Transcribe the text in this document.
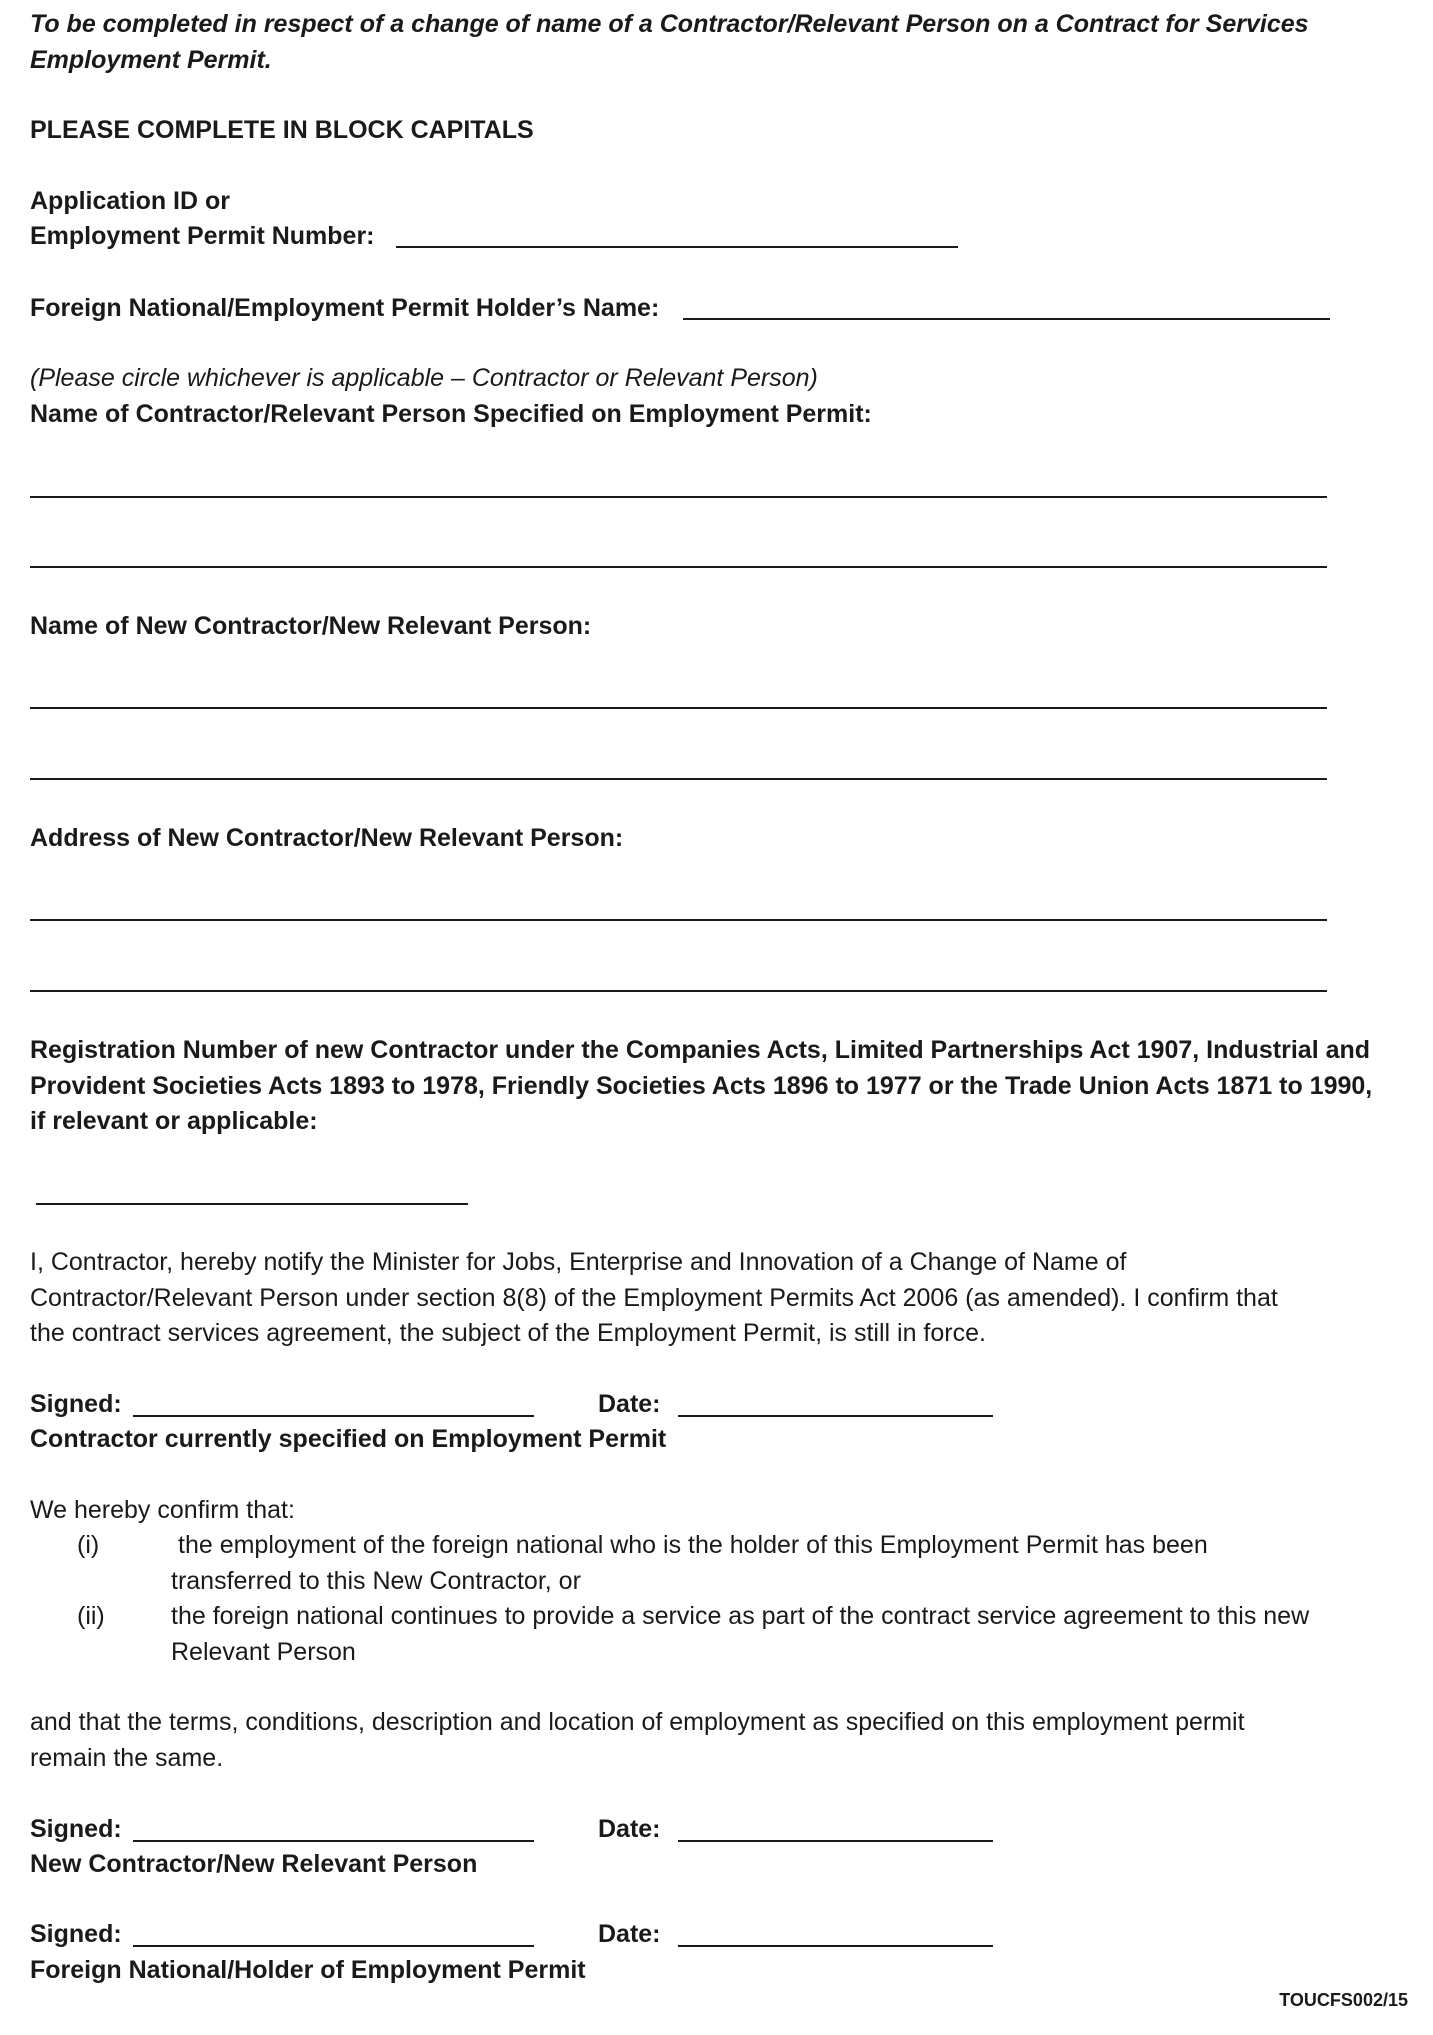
To be completed in respect of a change of name of a Contractor/Relevant Person on a Contract for Services
Employment Permit.
PLEASE COMPLETE IN BLOCK CAPITALS
Application ID or
Employment Permit Number:
Foreign National/Employment Permit Holder’s Name:
(Please circle whichever is applicable – Contractor or Relevant Person)
Name of Contractor/Relevant Person Specified on Employment Permit:
Name of New Contractor/New Relevant Person:
Address of New Contractor/New Relevant Person:
Registration Number of new Contractor under the Companies Acts, Limited Partnerships Act 1907, Industrial and
Provident Societies Acts 1893 to 1978, Friendly Societies Acts 1896 to 1977 or the Trade Union Acts 1871 to 1990,
if relevant or applicable:
I, Contractor, hereby notify the Minister for Jobs, Enterprise and Innovation of a Change of Name of
Contractor/Relevant Person under section 8(8) of the Employment Permits Act 2006 (as amended). I confirm that
the contract services agreement, the subject of the Employment Permit, is still in force.
Signed:	Date:
Contractor currently specified on Employment Permit
We hereby confirm that:
(i)	the employment of the foreign national who is the holder of this Employment Permit has been
transferred to this New Contractor, or
(ii)	the foreign national continues to provide a service as part of the contract service agreement to this new
Relevant Person
and that the terms, conditions, description and location of employment as specified on this employment permit
remain the same.
Signed:	Date:
New Contractor/New Relevant Person
Signed:	Date:
Foreign National/Holder of Employment Permit
TOUCFS002/15
